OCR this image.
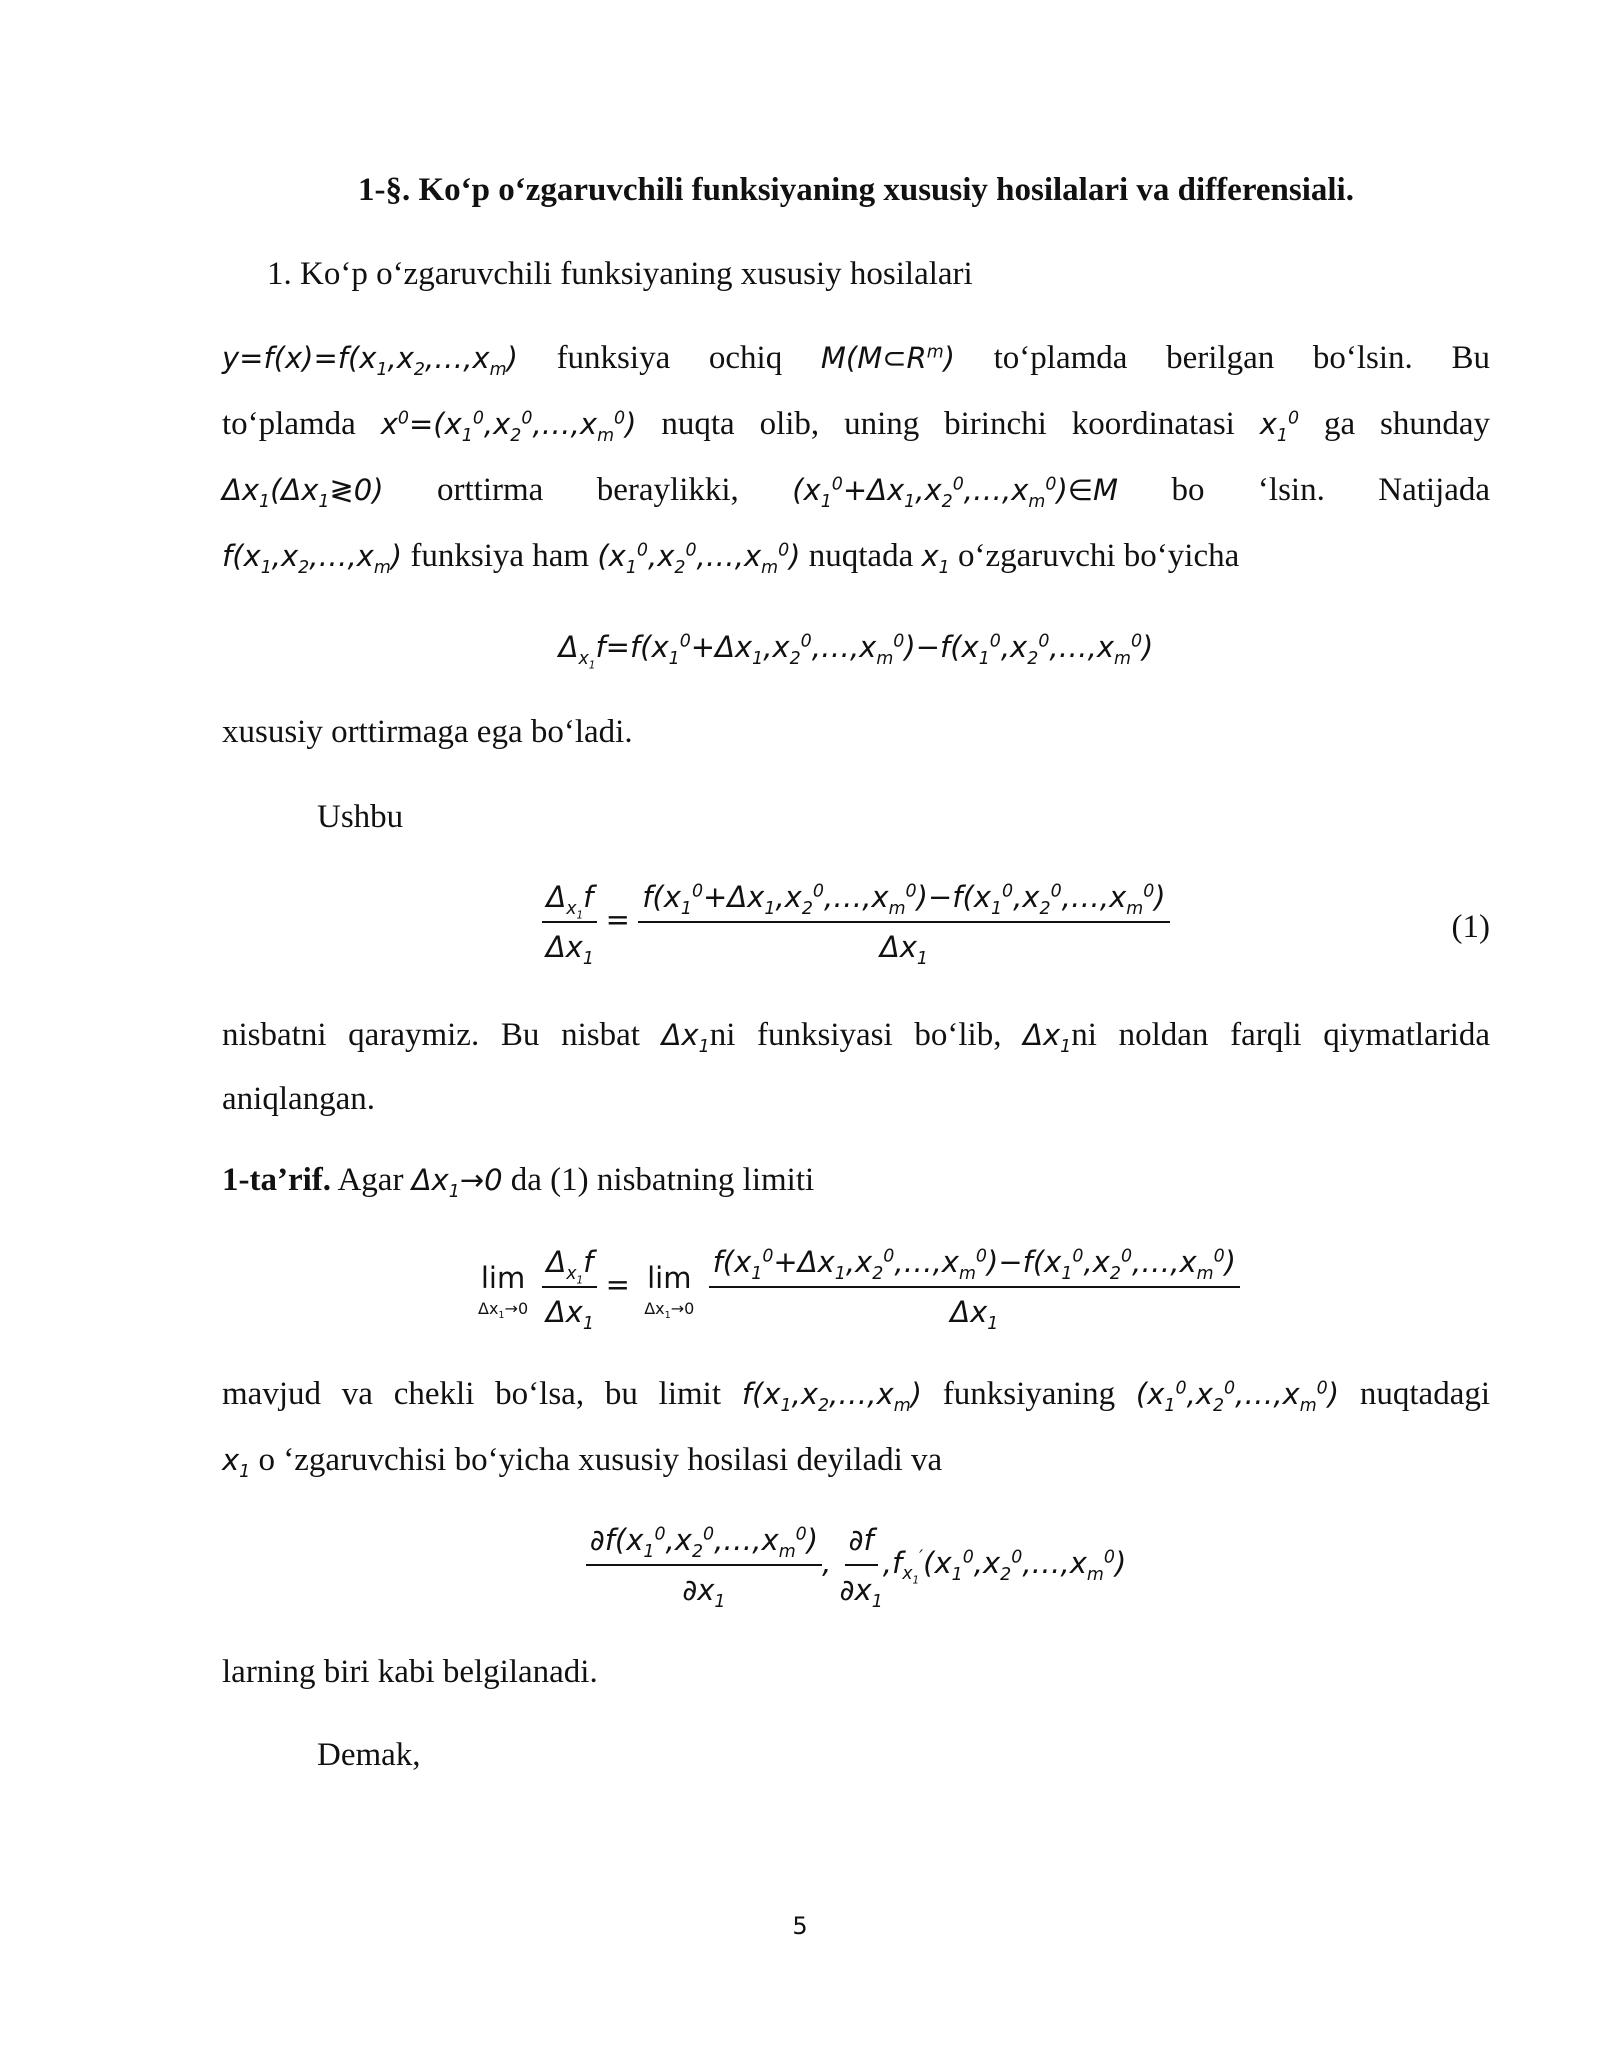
1-§. Ko‘p o‘zgaruvchili funksiyaning xususiy hosilalari va differensiali.
1. Ko‘p o‘zgaruvchili funksiyaning xususiy hosilalari
$y=f(x)=f(x_1,x_2,\dots,x_m)$ funksiya ochiq $M(M\subset R^m)$ to‘plamda berilgan bo‘lsin. Bu
to‘plamda $x^0=(x_1^0,x_2^0,\dots,x_m^0)$ nuqta olib, uning birinchi koordinatasi $x_1^0$ ga shunday
$\Delta x_1(\Delta x_1≷0)$ orttirma beraylikki, $(x_1^0+\Delta x_1,x_2^0,\dots,x_m^0)\in M$ bo ‘lsin. Natijada
$f(x_1,x_2,\dots,x_m)$ funksiya ham $(x_1^0,x_2^0,\dots,x_m^0)$ nuqtada $x_1$ o‘zgaruvchi bo‘yicha
$\Delta_{x_1}f=f(x_1^0+\Delta x_1,x_2^0,\dots,x_m^0)-f(x_1^0,x_2^0,\dots,x_m^0)$
xususiy orttirmaga ega bo‘ladi.
Ushbu
$\frac{\Delta_{x_1}f}{\Delta x_1} = \frac{f(x_1^0+\Delta x_1,x_2^0,\dots,x_m^0)-f(x_1^0,x_2^0,\dots,x_m^0)}{\Delta x_1}$	(1)
nisbatni qaraymiz. Bu nisbat $\Delta x_1ni$ funksiyasi bo‘lib, $\Delta x_1ni$ noldan farqli qiymatlarida
aniqlangan.
1-ta’rif. Agar $\Delta x_1\to 0$ da (1) nisbatning limiti
lim
$\Delta x_1\to 0$
$\frac{\Delta_{x_1}f}{\Delta x_1} = \lim$
$\Delta x_1\to 0$
$\frac{f(x_1^0+\Delta x_1,x_2^0,\dots,x_m^0)-f(x_1^0,x_2^0,\dots,x_m^0)}{\Delta x_1}$
mavjud va chekli bo‘lsa, bu limit $f(x_1,x_2,\dots,x_m)$ funksiyaning $(x_1^0,x_2^0,\dots,x_m^0)$ nuqtadagi
$x_1$ o ‘zgaruvchisi bo‘yicha xususiy hosilasi deyiladi va
$\frac{\partial f(x_1^0,x_2^0,\dots,x_m^0)}{\partial x_1}$ , $\frac{\partial f}{\partial x_1}$ $,f_{x_1}'(x_1^0,x_2^0,\dots,x_m^0)$
larning biri kabi belgilanadi.
Demak,
5
